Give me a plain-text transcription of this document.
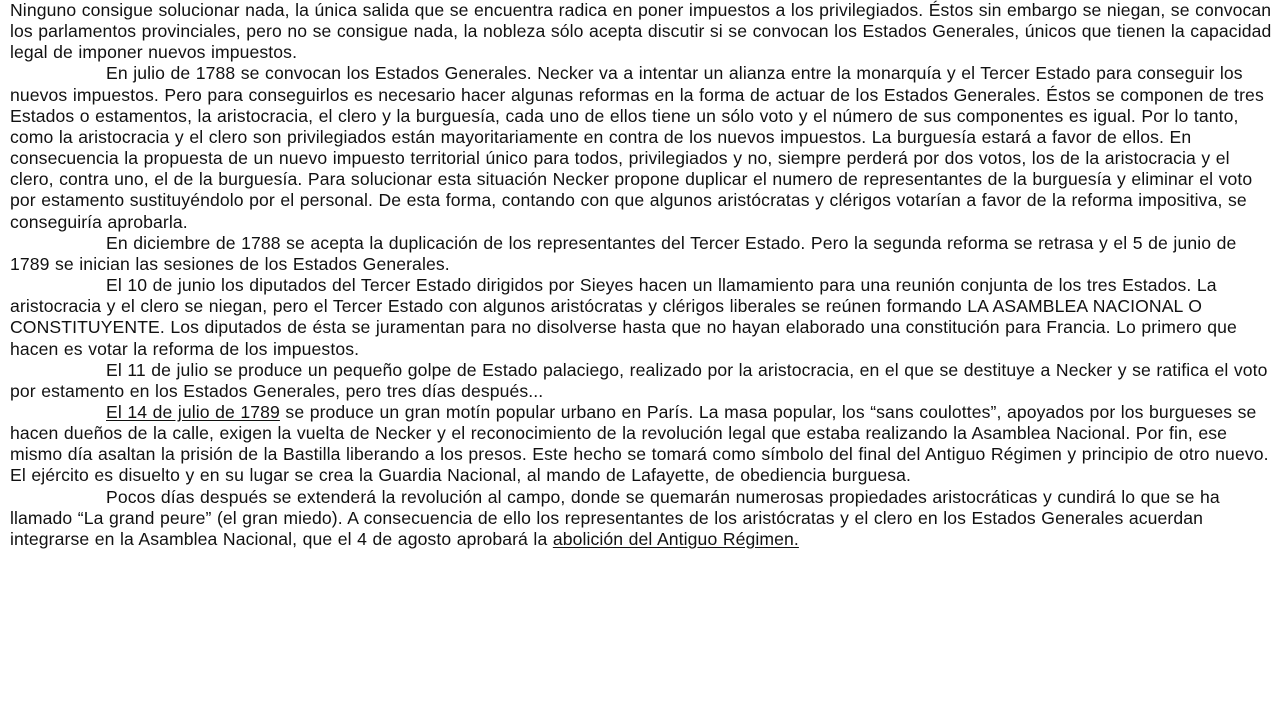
Ninguno consigue solucionar nada, la única salida que se encuentra radica en poner impuestos a los privilegiados. Éstos sin embargo se niegan, se convocan los parlamentos provinciales, pero no se consigue nada, la nobleza sólo acepta discutir si se convocan los Estados Generales, únicos que tienen la capacidad legal de imponer nuevos impuestos.

En julio de 1788 se convocan los Estados Generales. Necker va a intentar un alianza entre la monarquía y el Tercer Estado para conseguir los nuevos impuestos. Pero para conseguirlos es necesario hacer algunas reformas en la forma de actuar de los Estados Generales. Éstos se componen de tres Estados o estamentos, la aristocracia, el clero y la burguesía, cada uno de ellos tiene un sólo voto y el número de sus componentes es igual. Por lo tanto, como la aristocracia y el clero son privilegiados están mayoritariamente en contra de los nuevos impuestos. La burguesía estará a favor de ellos. En consecuencia la propuesta de un nuevo impuesto territorial único para todos, privilegiados y no, siempre perderá por dos votos, los de la aristocracia y el clero, contra uno, el de la burguesía. Para solucionar esta situación Necker propone duplicar el numero de representantes de la burguesía y eliminar el voto por estamento sustituyéndolo por el personal. De esta forma, contando con que algunos aristócratas y clérigos votarían a favor de la reforma impositiva, se conseguiría aprobarla.

En diciembre de 1788 se acepta la duplicación de los representantes del Tercer Estado. Pero la segunda reforma se retrasa y el 5 de junio de 1789 se inician las sesiones de los Estados Generales.

El 10 de junio los diputados del Tercer Estado dirigidos por Sieyes hacen un llamamiento para una reunión conjunta de los tres Estados. La aristocracia y el clero se niegan, pero el Tercer Estado con algunos aristócratas y clérigos liberales se reúnen formando LA ASAMBLEA NACIONAL O CONSTITUYENTE. Los diputados de ésta se juramentan para no disolverse hasta que no hayan elaborado una constitución para Francia. Lo primero que hacen es votar la reforma de los impuestos.

El 11 de julio se produce un pequeño golpe de Estado palaciego, realizado por la aristocracia, en el que se destituye a Necker y se ratifica el voto por estamento en los Estados Generales, pero tres días después...

El 14 de julio de 1789 se produce un gran motín popular urbano en París. La masa popular, los “sans coulottes”, apoyados por los burgueses se hacen dueños de la calle, exigen la vuelta de Necker y el reconocimiento de la revolución legal que estaba realizando la Asamblea Nacional. Por fin, ese mismo día asaltan la prisión de la Bastilla liberando a los presos. Este hecho se tomará como símbolo del final del Antiguo Régimen y principio de otro nuevo. El ejército es disuelto y en su lugar se crea la Guardia Nacional, al mando de Lafayette, de obediencia burguesa.

Pocos días después se extenderá la revolución al campo, donde se quemarán numerosas propiedades aristocráticas y cundirá lo que se ha llamado “La grand peure” (el gran miedo). A consecuencia de ello los representantes de los aristócratas y el clero en los Estados Generales acuerdan integrarse en la Asamblea Nacional, que el 4 de agosto aprobará la abolición del Antiguo Régimen.
